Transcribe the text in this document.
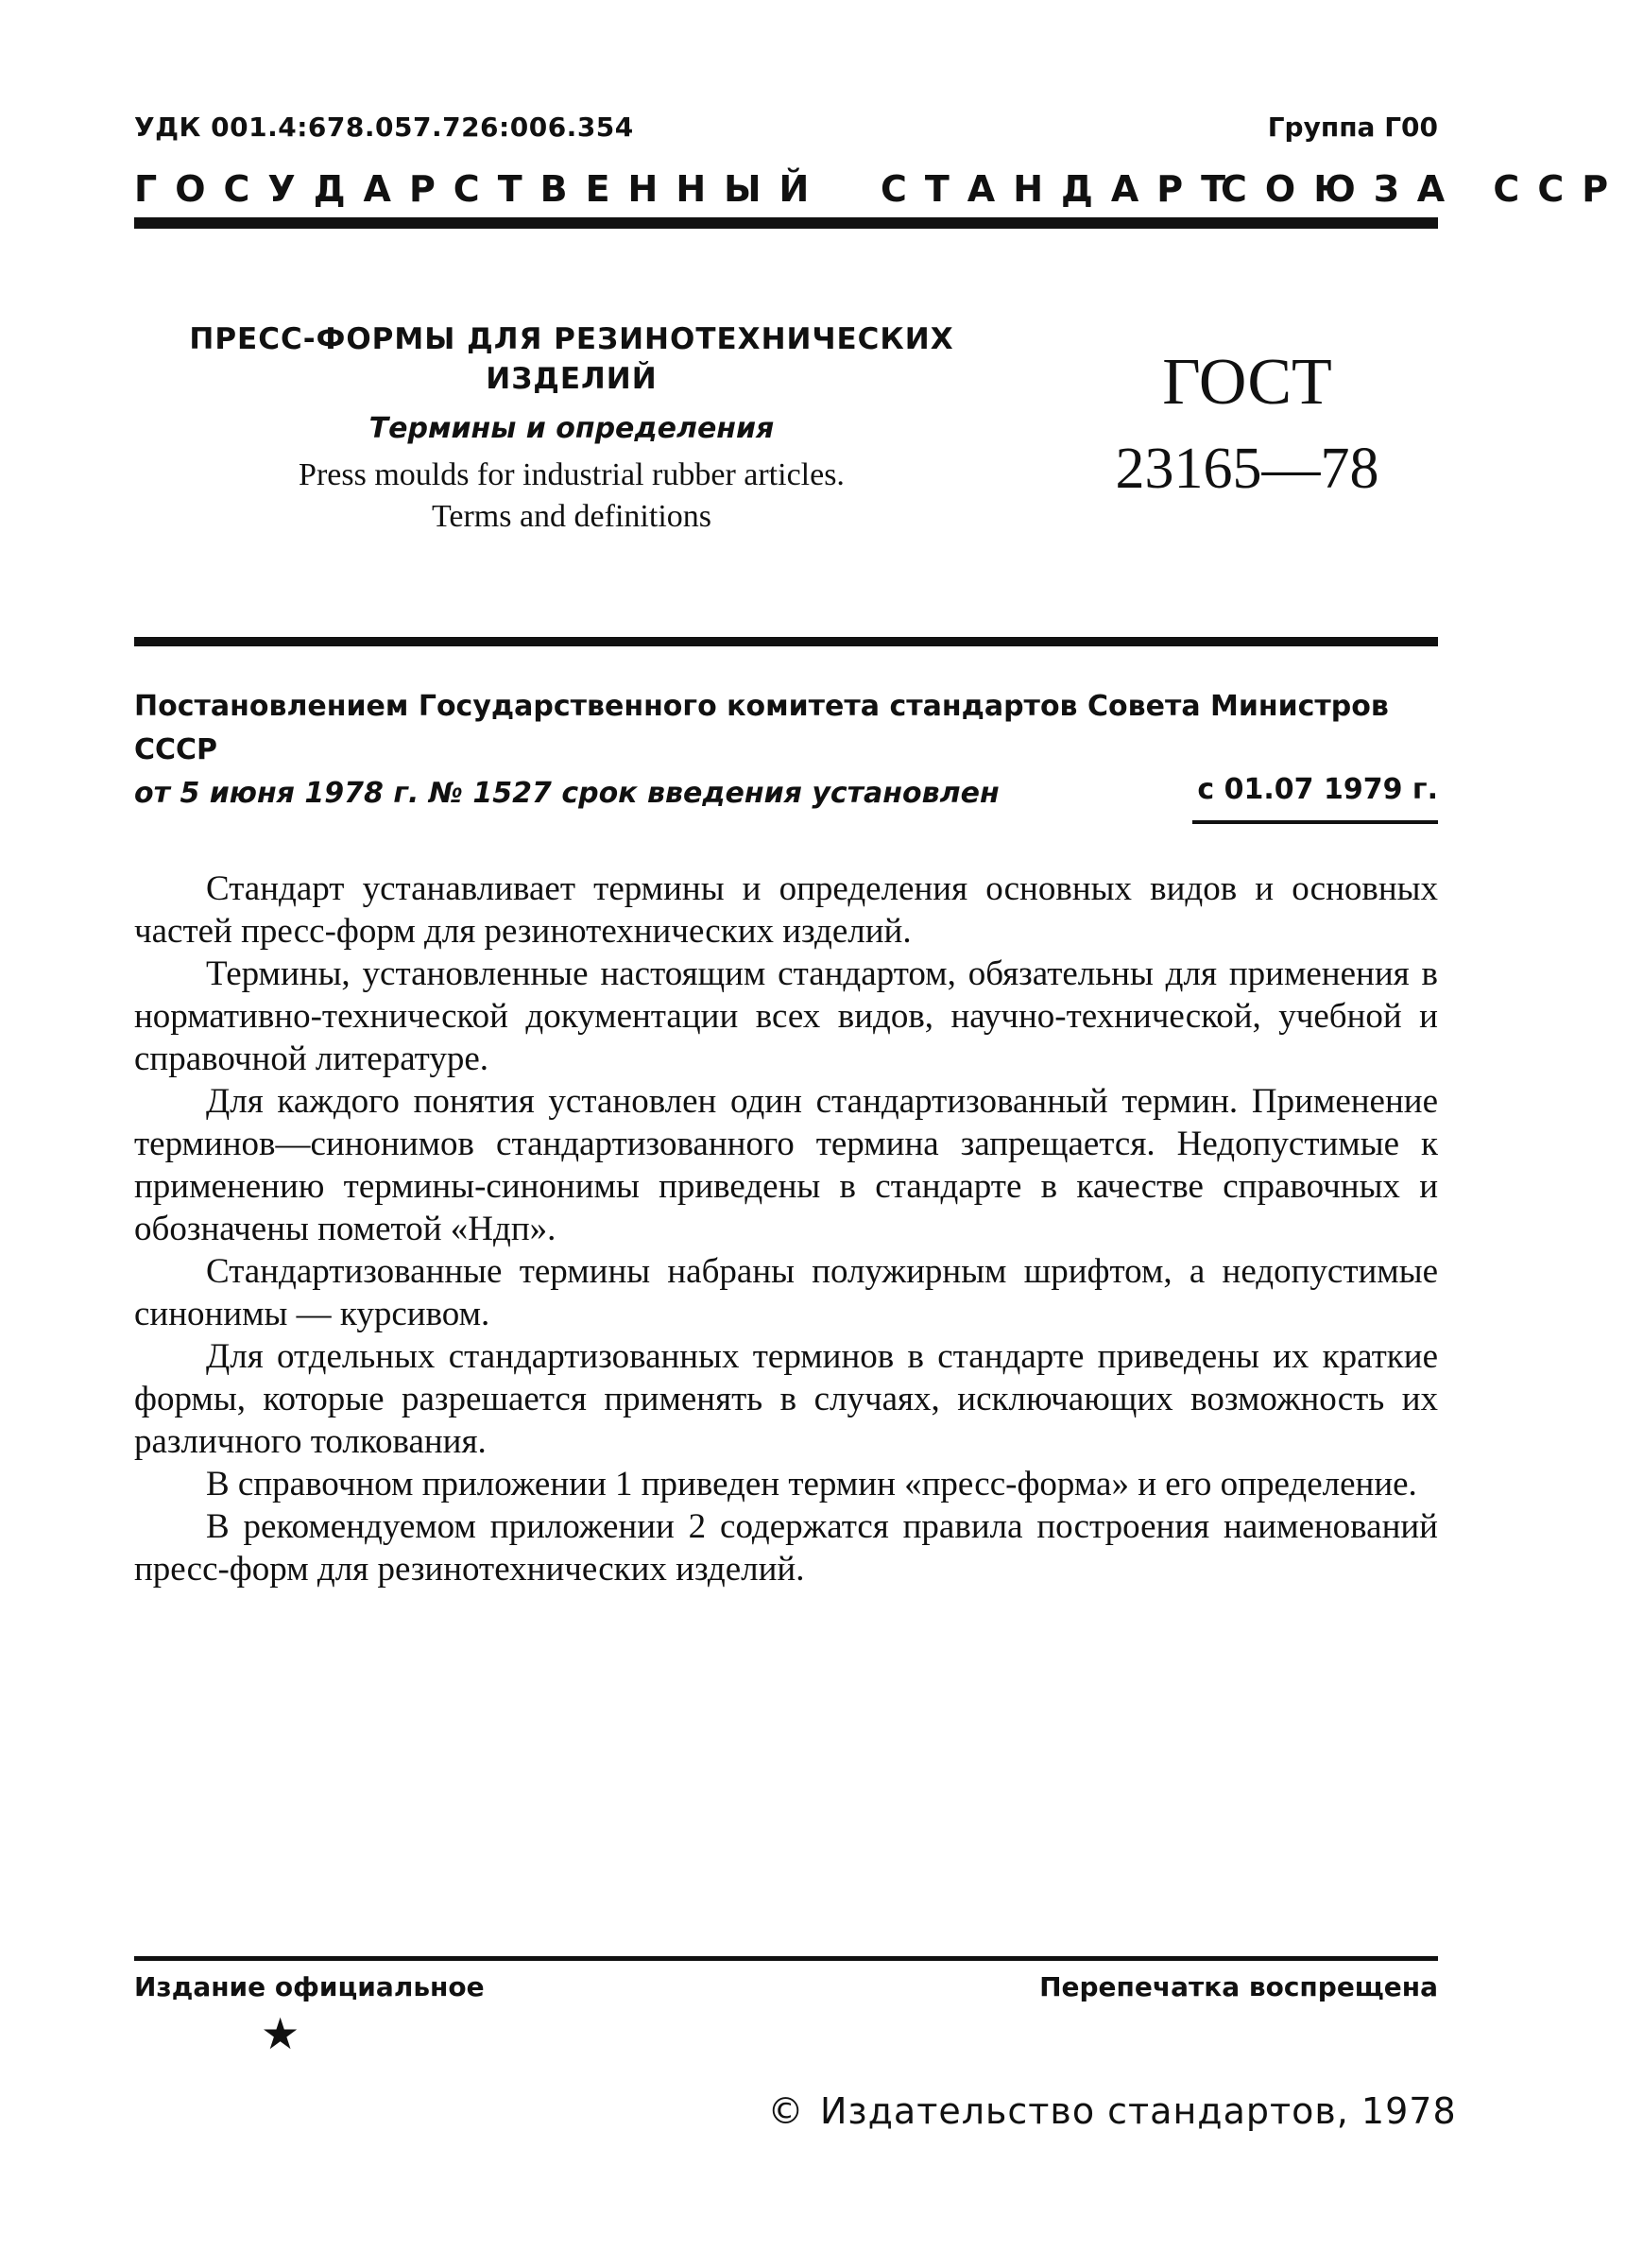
УДК 001.4:678.057.726:006.354	Группа Г00
ГОСУДАРСТВЕННЫЙ СТАНДАРТ
СОЮЗА ССР
ПРЕСС-ФОРМЫ ДЛЯ РЕЗИНОТЕХНИЧЕСКИХ
ИЗДЕЛИЙ
Термины и определения
Press moulds for industrial rubber articles.
Terms and definitions
ГОСТ
23165—78
Постановлением Государственного комитета стандартов Совета Министров СССР
от 5 июня 1978 г. № 1527 срок введения установлен	с 01.07 1979 г.

Стандарт устанавливает термины и определения основных видов и основных частей пресс-форм для резинотехнических изделий.

Термины, установленные настоящим стандартом, обязательны для применения в нормативно-технической документации всех видов, научно-технической, учебной и справочной литературе.

Для каждого понятия установлен один стандартизованный термин. Применение терминов—синонимов стандартизованного термина запрещается. Недопустимые к применению термины-синонимы приведены в стандарте в качестве справочных и обозначены пометой «Ндп».

Стандартизованные термины набраны полужирным шрифтом, а недопустимые синонимы — курсивом.

Для отдельных стандартизованных терминов в стандарте приведены их краткие формы, которые разрешается применять в случаях, исключающих возможность их различного толкования.

В справочном приложении 1 приведен термин «пресс-форма» и его определение.

В рекомендуемом приложении 2 содержатся правила построения наименований пресс-форм для резинотехнических изделий.

Издание официальное	Перепечатка воспрещена
★
© Издательство стандартов, 1978
